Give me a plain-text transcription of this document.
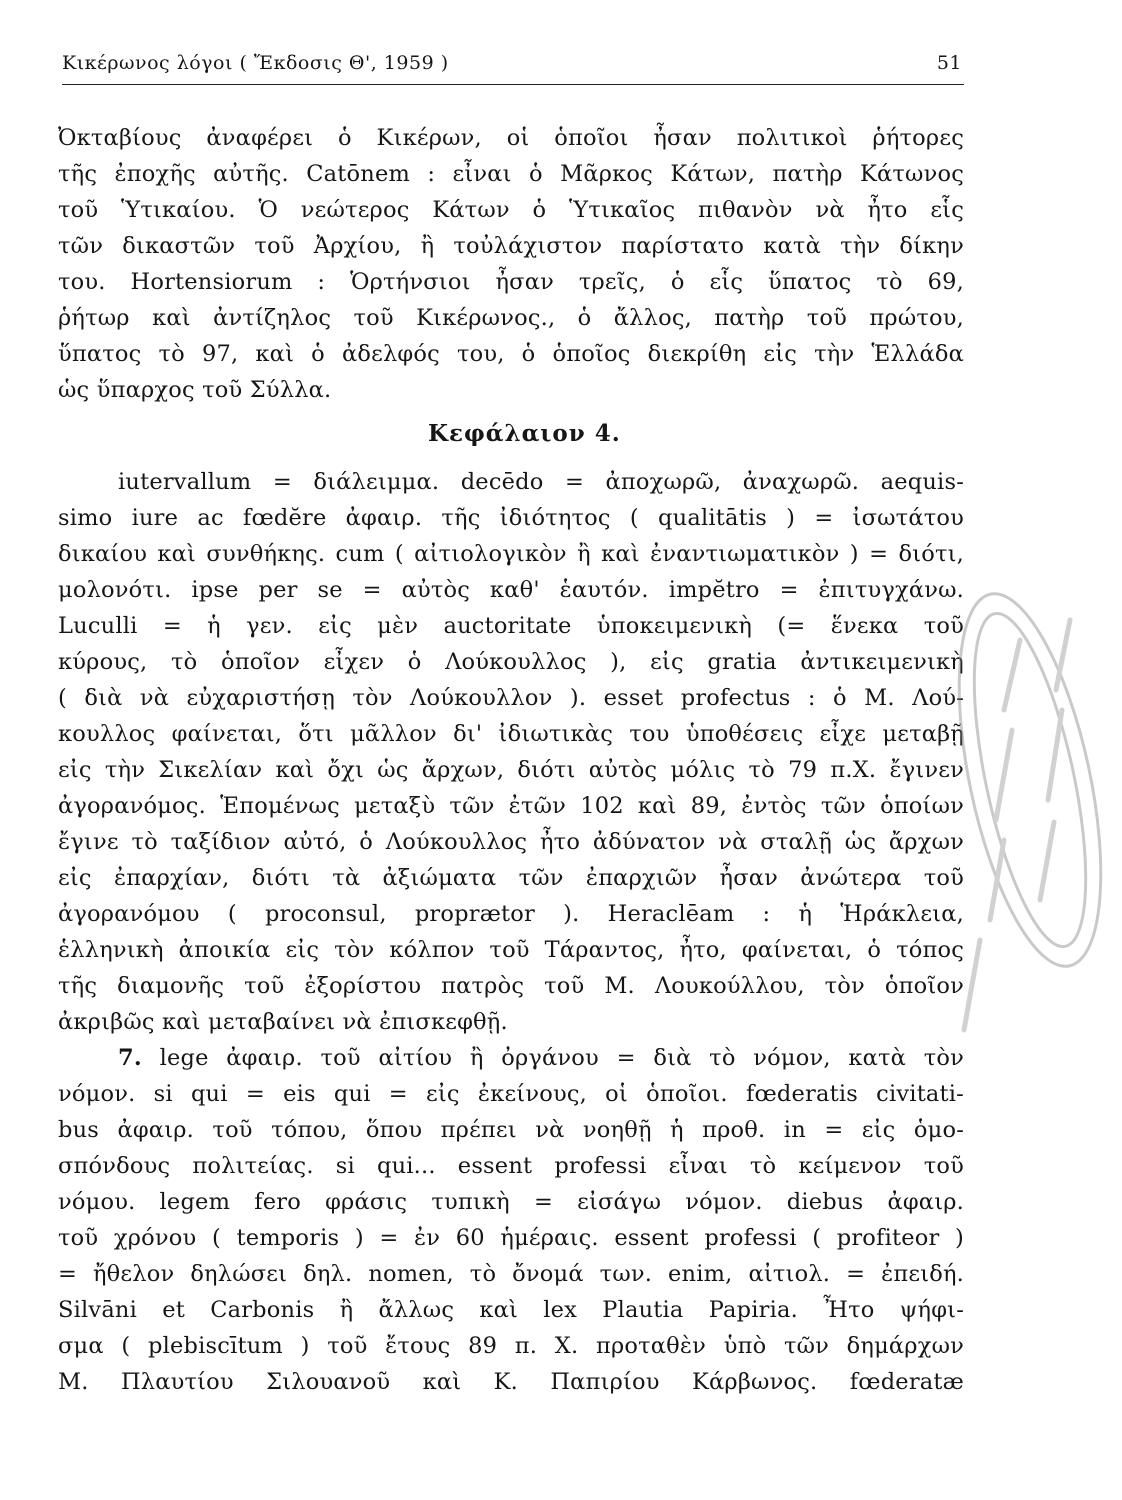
Κικέρωνος λόγοι ( Ἔκδοσις Θ', 1959 )	51
Ὀκταβίους ἀναφέρει ὁ Κικέρων, οἱ ὁποῖοι ἦσαν πολιτικοὶ ῥήτορες
τῆς ἐποχῆς αὐτῆς. Catōnem : εἶναι ὁ Μᾶρκος Κάτων, πατὴρ Κάτωνος
τοῦ Ὑτικαίου. Ὁ νεώτερος Κάτων ὁ Ὑτικαῖος πιθανὸν νὰ ἦτο εἷς
τῶν δικαστῶν τοῦ Ἀρχίου, ἢ τοὐλάχιστον παρίστατο κατὰ τὴν δίκην
του. Hortensiorum : Ὁρτήνσιοι ἦσαν τρεῖς, ὁ εἷς ὕπατος τὸ 69,
ῥήτωρ καὶ ἀντίζηλος τοῦ Κικέρωνος., ὁ ἄλλος, πατὴρ τοῦ πρώτου,
ὕπατος τὸ 97, καὶ ὁ ἀδελφός του, ὁ ὁποῖος διεκρίθη εἰς τὴν Ἑλλάδα
ὡς ὕπαρχος τοῦ Σύλλα.
Κεφάλαιον 4.
iutervallum = διάλειμμα. decēdo = ἀποχωρῶ, ἀναχωρῶ. aequis-
simo iure ac fœdĕre ἀφαιρ. τῆς ἰδιότητος ( qualitātis ) = ἰσωτάτου
δικαίου καὶ συνθήκης. cum ( αἰτιολογικὸν ἢ καὶ ἐναντιωματικὸν ) = διότι,
μολονότι. ipse per se = αὐτὸς καθ' ἑαυτόν. impĕtro = ἐπιτυγχάνω.
Luculli = ἡ γεν. εἰς μὲν auctoritate ὑποκειμενικὴ (= ἕνεκα τοῦ
κύρους, τὸ ὁποῖον εἶχεν ὁ Λούκουλλος ), εἰς gratia ἀντικειμενικὴ
( διὰ νὰ εὐχαριστήσῃ τὸν Λούκουλλον ). esset profectus : ὁ Μ. Λού-
κουλλος φαίνεται, ὅτι μᾶλλον δι' ἰδιωτικὰς του ὑποθέσεις εἶχε μεταβῇ
εἰς τὴν Σικελίαν καὶ ὄχι ὡς ἄρχων, διότι αὐτὸς μόλις τὸ 79 π.Χ. ἔγινεν
ἀγορανόμος. Ἑπομένως μεταξὺ τῶν ἐτῶν 102 καὶ 89, ἐντὸς τῶν ὁποίων
ἔγινε τὸ ταξίδιον αὐτό, ὁ Λούκουλλος ἦτο ἀδύνατον νὰ σταλῇ ὡς ἄρχων
εἰς ἐπαρχίαν, διότι τὰ ἀξιώματα τῶν ἐπαρχιῶν ἦσαν ἀνώτερα τοῦ
ἀγορανόμου ( proconsul, proprætor ). Heraclēam : ἡ Ἡράκλεια,
ἑλληνικὴ ἀποικία εἰς τὸν κόλπον τοῦ Τάραντος, ἦτο, φαίνεται, ὁ τόπος
τῆς διαμονῆς τοῦ ἐξορίστου πατρὸς τοῦ Μ. Λουκούλλου, τὸν ὁποῖον
ἀκριβῶς καὶ μεταβαίνει νὰ ἐπισκεφθῇ.
7. lege ἀφαιρ. τοῦ αἰτίου ἢ ὀργάνου = διὰ τὸ νόμον, κατὰ τὸν
νόμον. si qui = eis qui = εἰς ἐκείνους, οἱ ὁποῖοι. fœderatis civitati-
bus ἀφαιρ. τοῦ τόπου, ὅπου πρέπει νὰ νοηθῇ ἡ προθ. in = εἰς ὁμο-
σπόνδους πολιτείας. si qui... essent professi εἶναι τὸ κείμενον τοῦ
νόμου. legem fero φράσις τυπικὴ = εἰσάγω νόμον. diebus ἀφαιρ.
τοῦ χρόνου ( temporis ) = ἐν 60 ἡμέραις. essent professi ( profiteor )
= ἤθελον δηλώσει δηλ. nomen, τὸ ὄνομά των. enim, αἰτιολ. = ἐπειδή.
Silvāni et Carbonis ἢ ἄλλως καὶ lex Plautia Papiria. Ἦτο ψήφι-
σμα ( plebiscītum ) τοῦ ἔτους 89 π. Χ. προταθὲν ὑπὸ τῶν δημάρχων
Μ. Πλαυτίου Σιλουανοῦ καὶ Κ. Παπιρίου Κάρβωνος. fœderatæ
